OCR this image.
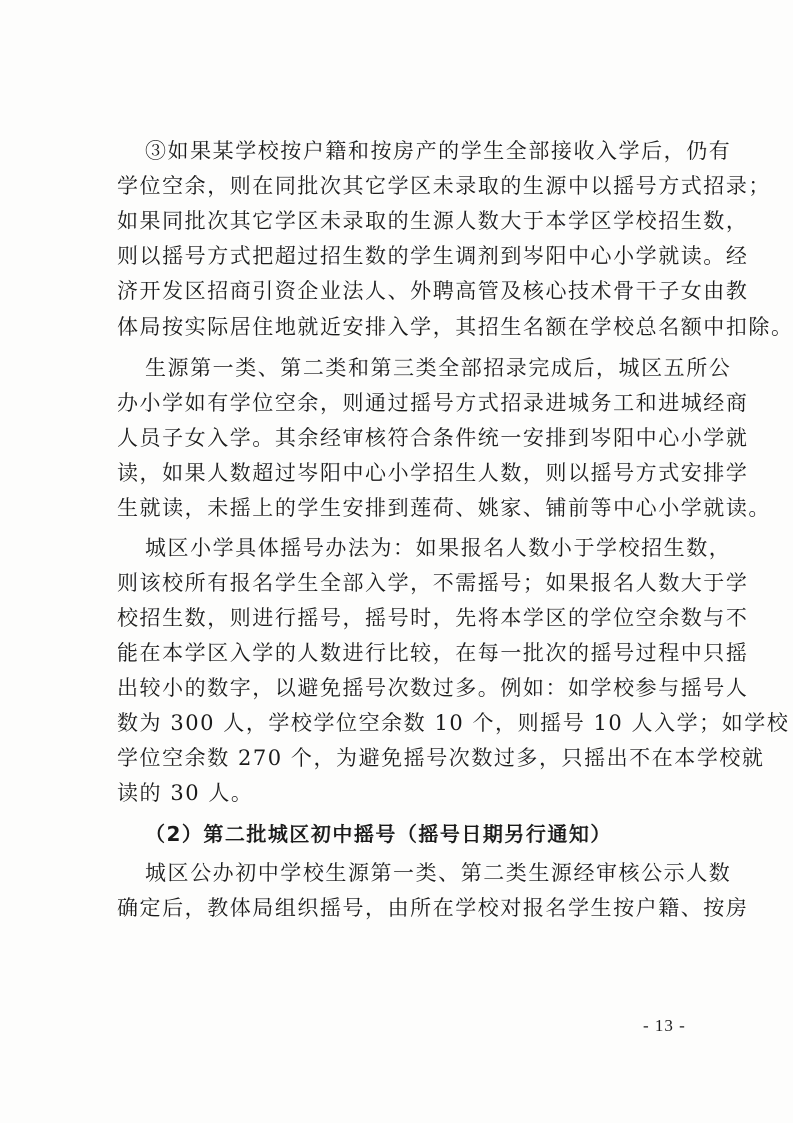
③如果某学校按户籍和按房产的学生全部接收入学后，仍有
学位空余，则在同批次其它学区未录取的生源中以摇号方式招录；
如果同批次其它学区未录取的生源人数大于本学区学校招生数，
则以摇号方式把超过招生数的学生调剂到岑阳中心小学就读。经
济开发区招商引资企业法人、外聘高管及核心技术骨干子女由教
体局按实际居住地就近安排入学，其招生名额在学校总名额中扣除。
生源第一类、第二类和第三类全部招录完成后，城区五所公
办小学如有学位空余，则通过摇号方式招录进城务工和进城经商
人员子女入学。其余经审核符合条件统一安排到岑阳中心小学就
读，如果人数超过岑阳中心小学招生人数，则以摇号方式安排学
生就读，未摇上的学生安排到莲荷、姚家、铺前等中心小学就读。
城区小学具体摇号办法为：如果报名人数小于学校招生数，
则该校所有报名学生全部入学，不需摇号；如果报名人数大于学
校招生数，则进行摇号，摇号时，先将本学区的学位空余数与不
能在本学区入学的人数进行比较，在每一批次的摇号过程中只摇
出较小的数字，以避免摇号次数过多。例如：如学校参与摇号人
数为 300 人，学校学位空余数 10 个，则摇号 10 人入学；如学校
学位空余数 270 个，为避免摇号次数过多，只摇出不在本学校就
读的 30 人。
（2）第二批城区初中摇号（摇号日期另行通知）
城区公办初中学校生源第一类、第二类生源经审核公示人数
确定后，教体局组织摇号，由所在学校对报名学生按户籍、按房
- 13 -
